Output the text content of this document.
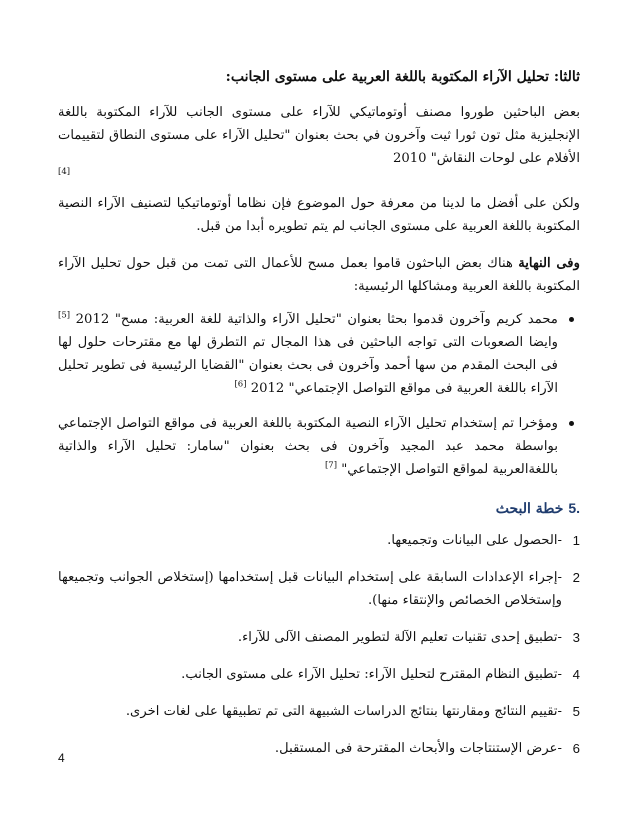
ثالثا: تحليل الآراء المكتوبة باللغة العربية على مستوى الجانب:

بعض الباحثين طوروا مصنف أوتوماتيكي للآراء على مستوى الجانب للآراء المكتوبة باللغة الإنجليزية مثل تون ثورا ثيت وآخرون في بحث بعنوان "تحليل الآراء على مستوى النطاق لتقييمات الأفلام على لوحات النقاش" 2010

[4]

ولكن على أفضل ما لدينا من معرفة حول الموضوع فإن نظاما أوتوماتيكيا لتصنيف الآراء النصية المكتوبة باللغة العربية على مستوى الجانب لم يتم تطويره أبدا من قبل.

وفى النهاية هناك بعض الباحثون قاموا بعمل مسح للأعمال التى تمت من قبل حول تحليل الآراء المكتوبة باللغة العربية ومشاكلها الرئيسية:

محمد كريم وآخرون قدموا بحثا بعنوان "تحليل الآراء والذاتية للغة العربية: مسح" 2012 [5] وايضا الصعوبات التى تواجه الباحثين فى هذا المجال تم التطرق لها مع مقترحات حلول لها فى البحث المقدم من سها أحمد وآخرون فى بحث بعنوان "القضايا الرئيسية فى تطوير تحليل الآراء باللغة العربية فى مواقع التواصل الإجتماعي" 2012 [6]
ومؤخرا تم إستخدام تحليل الآراء النصية المكتوبة باللغة العربية فى مواقع التواصل الإجتماعي بواسطة محمد عبد المجيد وآخرون فى بحث بعنوان "سامار: تحليل الآراء والذاتية باللغةالعربية لمواقع التواصل الإجتماعي" [7]
.5 خطة البحث
1
-الحصول على البيانات وتجميعها.
2
-إجراء الإعدادات السابقة على إستخدام البيانات قبل إستخدامها (إستخلاص الجوانب وتجميعها وإستخلاص الخصائص والإنتقاء منها).
3
-تطبيق إحدى تقنيات تعليم الآلة لتطوير المصنف الآلى للآراء.
4
-تطبيق النظام المقترح لتحليل الآراء: تحليل الآراء على مستوى الجانب.
5
-تقييم النتائج ومقارنتها بنتائج الدراسات الشبيهة التى تم تطبيقها على لغات اخرى.
6
-عرض الإستنتاجات والأبحاث المقترحة فى المستقبل.
4
